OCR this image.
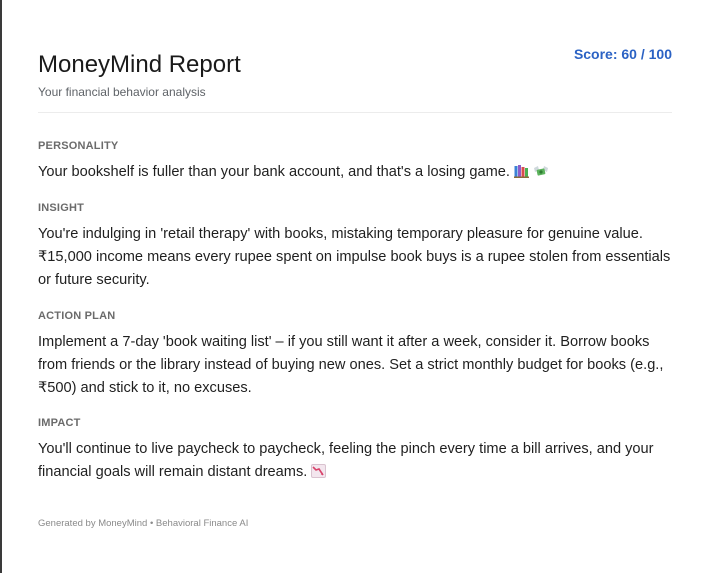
MoneyMind Report
Your financial behavior analysis
Score: 60 / 100
PERSONALITY
Your bookshelf is fuller than your bank account, and that's a losing game.
INSIGHT
You're indulging in 'retail therapy' with books, mistaking temporary pleasure for genuine value. ₹15,000 income means every rupee spent on impulse book buys is a rupee stolen from essentials or future security.
ACTION PLAN
Implement a 7-day 'book waiting list' – if you still want it after a week, consider it. Borrow books from friends or the library instead of buying new ones. Set a strict monthly budget for books (e.g., ₹500) and stick to it, no excuses.
IMPACT
You'll continue to live paycheck to paycheck, feeling the pinch every time a bill arrives, and your financial goals will remain distant dreams.
Generated by MoneyMind • Behavioral Finance AI
